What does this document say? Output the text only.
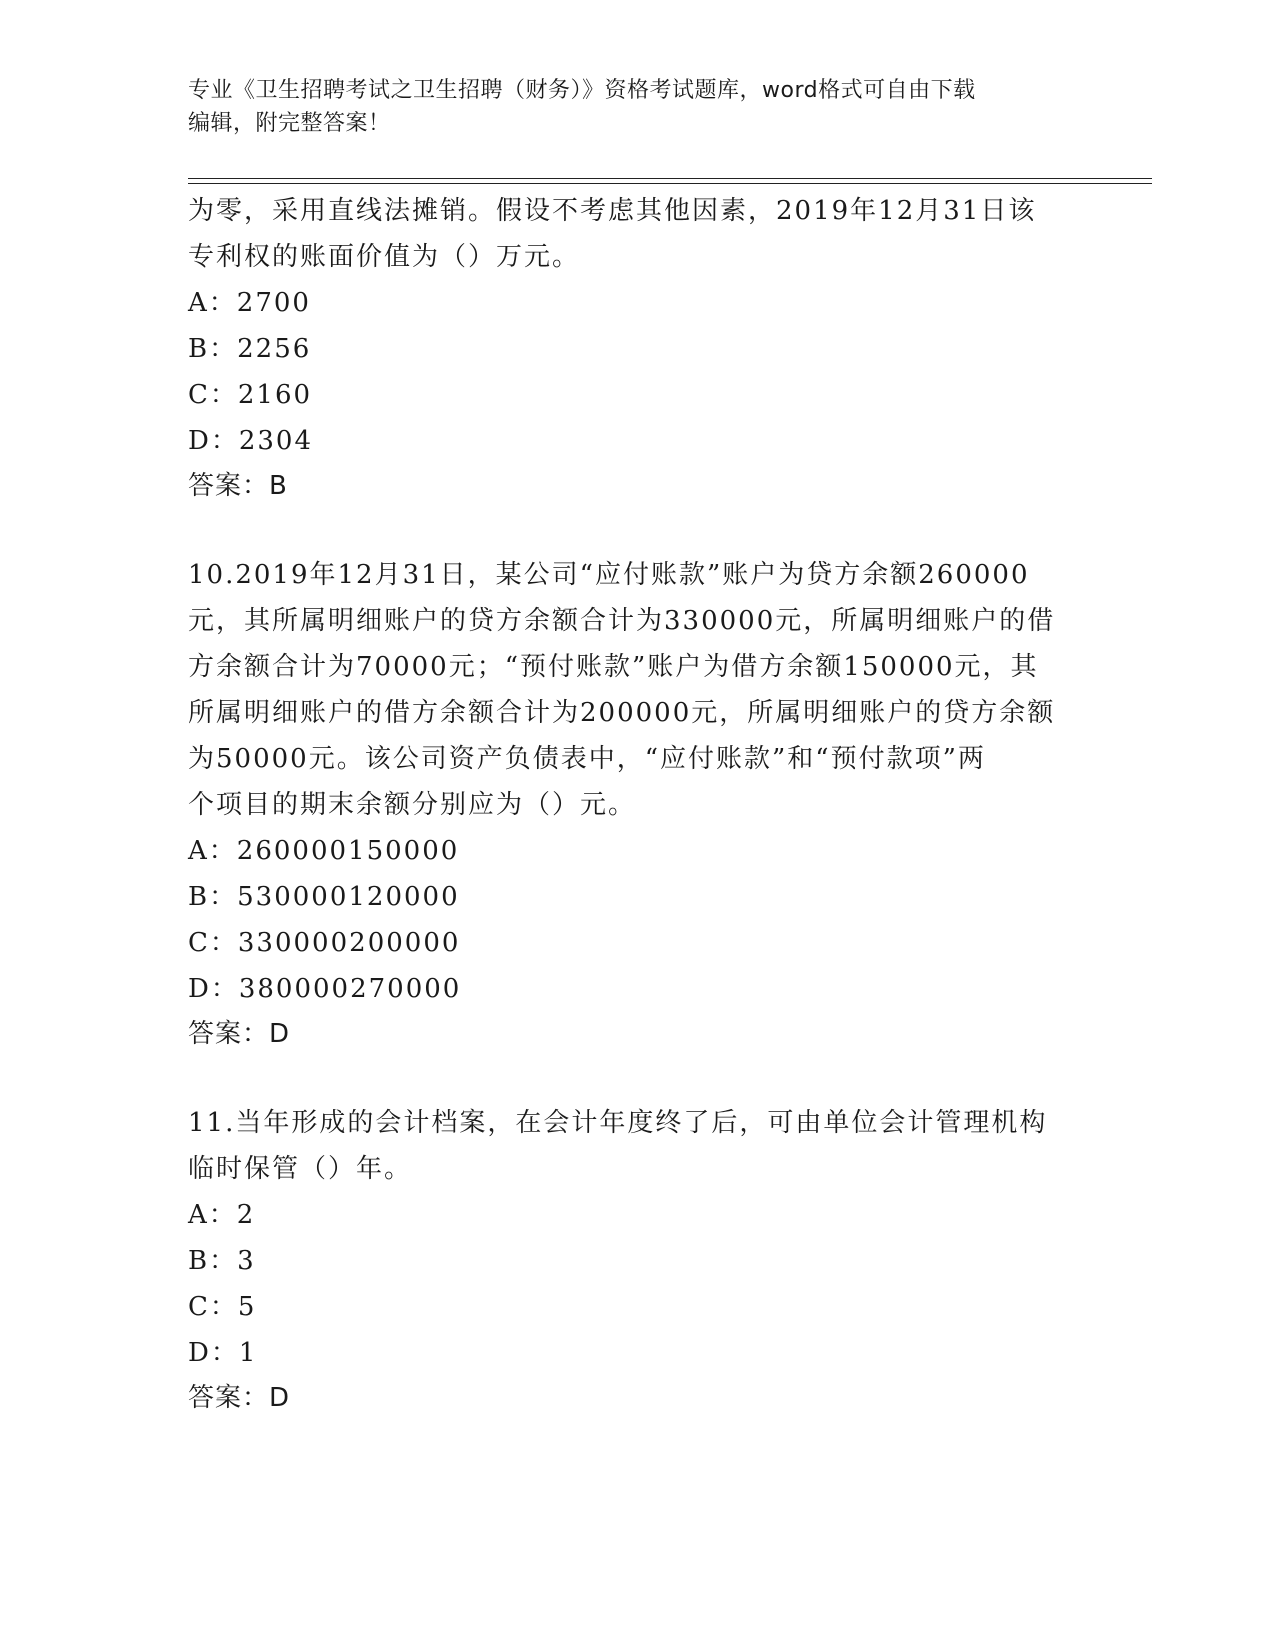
专业《卫生招聘考试之卫生招聘（财务）》资格考试题库，word格式可自由下载
编辑，附完整答案！

为零，采用直线法摊销。假设不考虑其他因素，2019年12月31日该

专利权的账面价值为（）万元。

A：2700

B：2256

C：2160

D：2304

答案：B

10.2019年12月31日，某公司“应付账款”账户为贷方余额260000

元，其所属明细账户的贷方余额合计为330000元，所属明细账户的借

方余额合计为70000元；“预付账款”账户为借方余额150000元，其

所属明细账户的借方余额合计为200000元，所属明细账户的贷方余额

为50000元。该公司资产负债表中，“应付账款”和“预付款项”两

个项目的期末余额分别应为（）元。

A：260000150000

B：530000120000

C：330000200000

D：380000270000

答案：D

11.当年形成的会计档案，在会计年度终了后，可由单位会计管理机构

临时保管（）年。

A：2

B：3

C：5

D：1

答案：D
